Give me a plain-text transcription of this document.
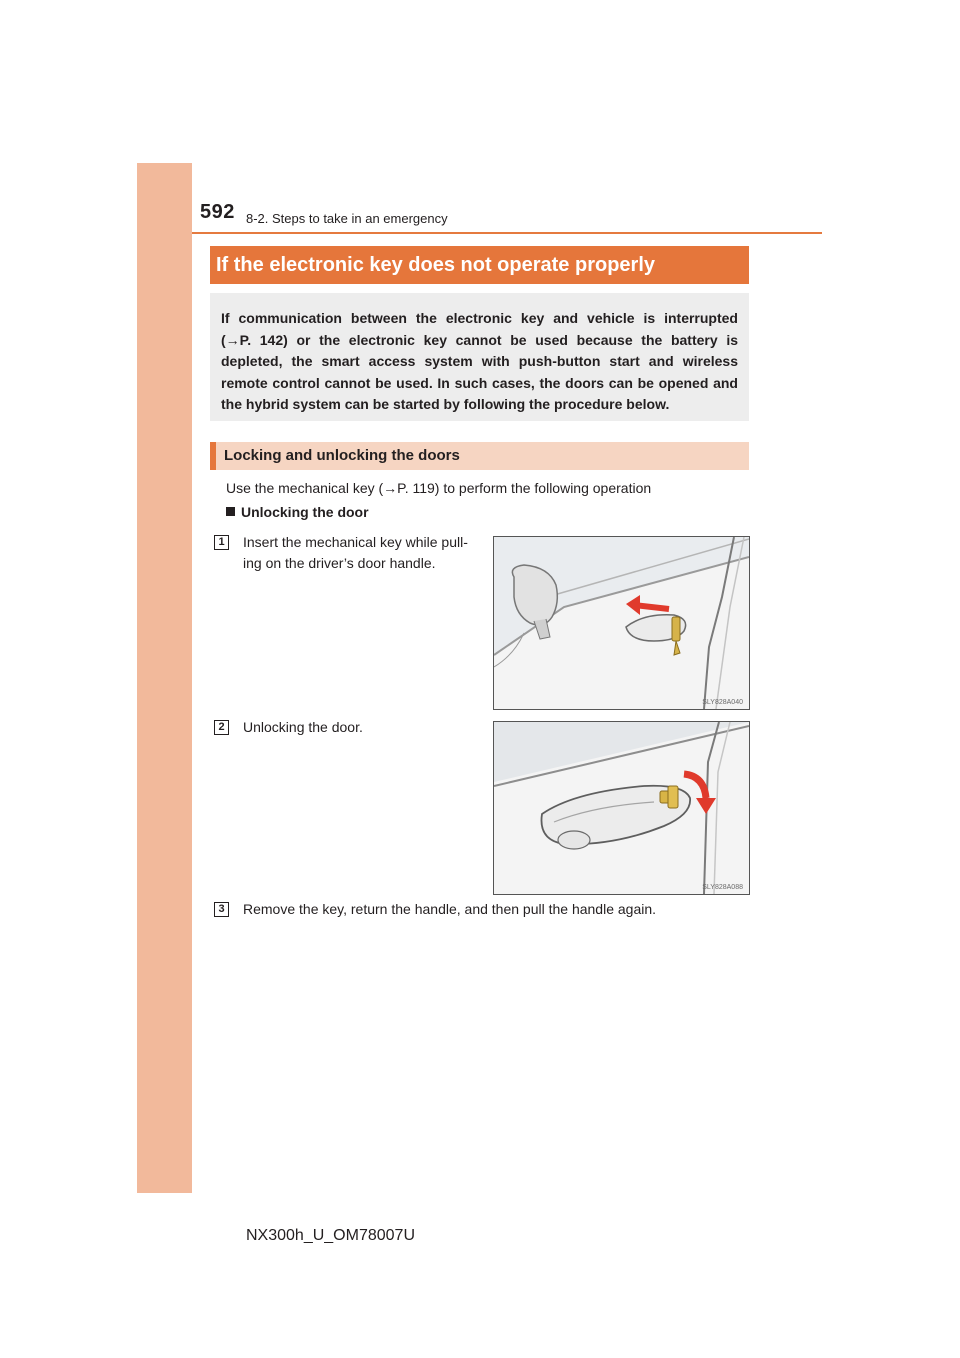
592 8-2. Steps to take in an emergency
If the electronic key does not operate properly
If communication between the electronic key and vehicle is interrupted
(→P. 142) or the electronic key cannot be used because the battery is
depleted, the smart access system with push-button start and wireless
remote control cannot be used. In such cases, the doors can be opened and
the hybrid system can be started by following the procedure below.
Locking and unlocking the doors
Use the mechanical key (→P. 119) to perform the following operation
Unlocking the door
1	Insert the mechanical key while pull-
ing on the driver’s door handle.
SLY828A040
2	Unlocking the door.
SLY828A088
3	Remove the key, return the handle, and then pull the handle again.
NX300h_U_OM78007U
